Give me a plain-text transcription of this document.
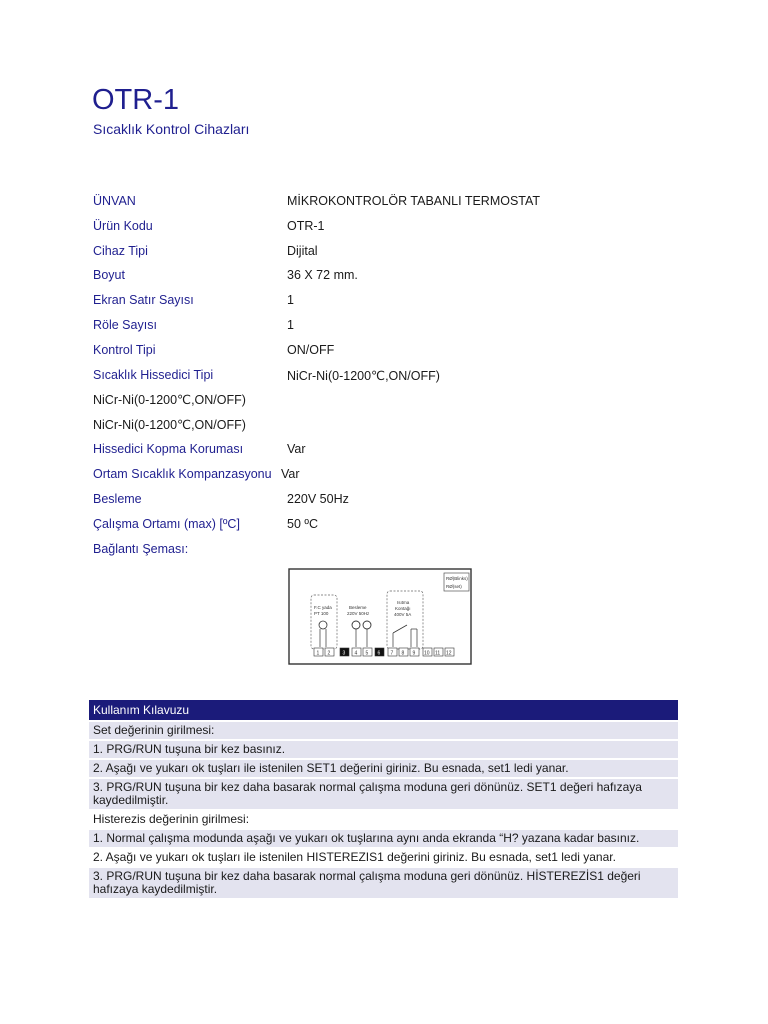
OTR-1
Sıcaklık Kontrol Cihazları
ÜNVAN	MİKROKONTROLÖR TABANLI TERMOSTAT
Ürün Kodu	OTR-1
Cihaz Tipi	Dijital
Boyut	36 X 72 mm.
Ekran Satır Sayısı	1
Röle Sayısı	1
Kontrol Tipi	ON/OFF
Sıcaklık Hissedici Tipi	NiCr-Ni(0-1200℃,ON/OFF)
NiCr-Ni(0-1200℃,ON/OFF)
NiCr-Ni(0-1200℃,ON/OFF)
Hissedici Kopma Koruması	Var
Ortam Sıcaklık Kompanzasyonu Var
Besleme	220V 50Hz
Çalışma Ortamı (max) [ºC]	50 ºC
Bağlantı Şeması:
RØ(Blinks)
RØ(set)
F.C yada
PT 100
Besleme
220V 50Hz
Isıtma
Kontağı
400V 5A
1 2 3 4 5 6 7 8 9 10 11 12
Kullanım Kılavuzu
Set değerinin girilmesi:
1. PRG/RUN tuşuna bir kez basınız.
2. Aşağı ve yukarı ok tuşları ile istenilen SET1 değerini giriniz. Bu esnada, set1 ledi yanar.
3. PRG/RUN tuşuna bir kez daha basarak normal çalışma moduna geri dönünüz. SET1 değeri hafızaya kaydedilmiştir.
Histerezis değerinin girilmesi:
1. Normal çalışma modunda aşağı ve yukarı ok tuşlarına aynı anda ekranda “H? yazana kadar basınız.
2. Aşağı ve yukarı ok tuşları ile istenilen HISTEREZIS1 değerini giriniz. Bu esnada, set1 ledi yanar.
3. PRG/RUN tuşuna bir kez daha basarak normal çalışma moduna geri dönünüz. HİSTEREZİS1 değeri hafızaya kaydedilmiştir.
